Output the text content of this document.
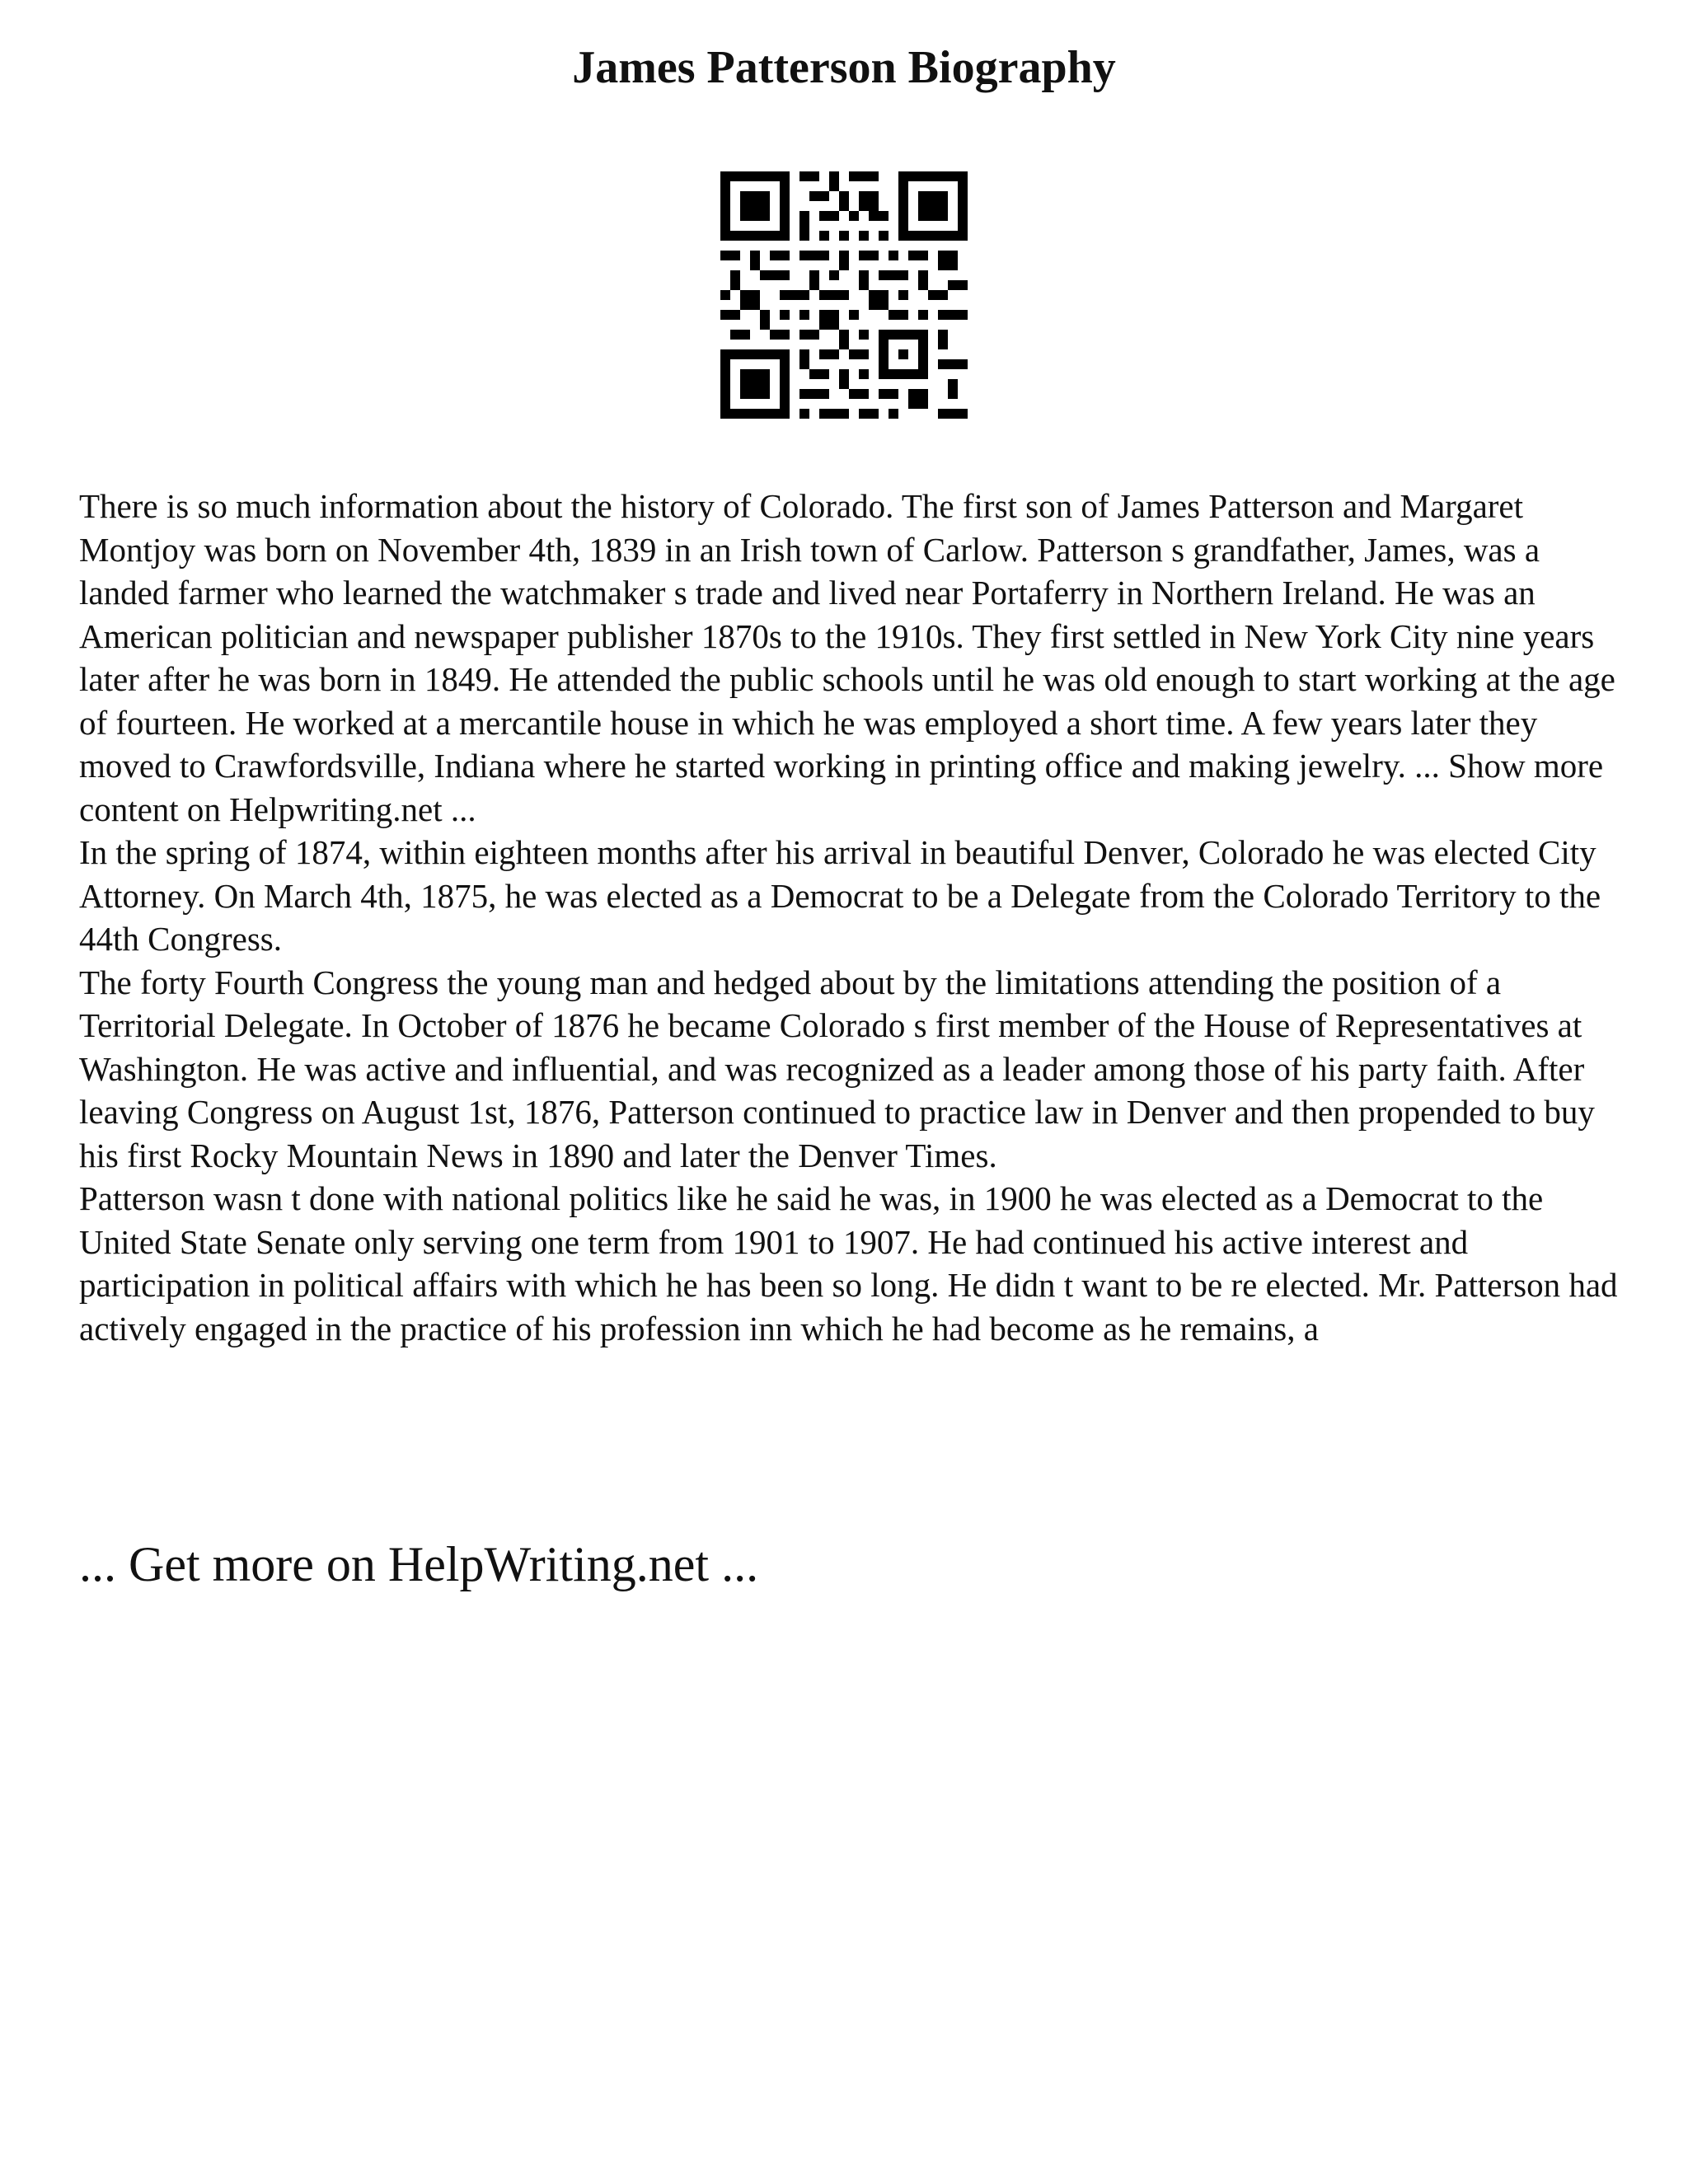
James Patterson Biography

There is so much information about the history of Colorado. The first son of James Patterson and Margaret Montjoy was born on November 4th, 1839 in an Irish town of Carlow. Patterson s grandfather, James, was a landed farmer who learned the watchmaker s trade and lived near Portaferry in Northern Ireland. He was an American politician and newspaper publisher 1870s to the 1910s. They first settled in New York City nine years later after he was born in 1849. He attended the public schools until he was old enough to start working at the age of fourteen. He worked at a mercantile house in which he was employed a short time. A few years later they moved to Crawfordsville, Indiana where he started working in printing office and making jewelry. ... Show more content on Helpwriting.net ...

In the spring of 1874, within eighteen months after his arrival in beautiful Denver, Colorado he was elected City Attorney. On March 4th, 1875, he was elected as a Democrat to be a Delegate from the Colorado Territory to the 44th Congress.

The forty Fourth Congress the young man and hedged about by the limitations attending the position of a Territorial Delegate. In October of 1876 he became Colorado s first member of the House of Representatives at Washington. He was active and influential, and was recognized as a leader among those of his party faith. After leaving Congress on August 1st, 1876, Patterson continued to practice law in Denver and then propended to buy his first Rocky Mountain News in 1890 and later the Denver Times.

Patterson wasn t done with national politics like he said he was, in 1900 he was elected as a Democrat to the United State Senate only serving one term from 1901 to 1907. He had continued his active interest and participation in political affairs with which he has been so long. He didn t want to be re elected. Mr. Patterson had actively engaged in the practice of his profession inn which he had become as he remains, a

... Get more on HelpWriting.net ...
